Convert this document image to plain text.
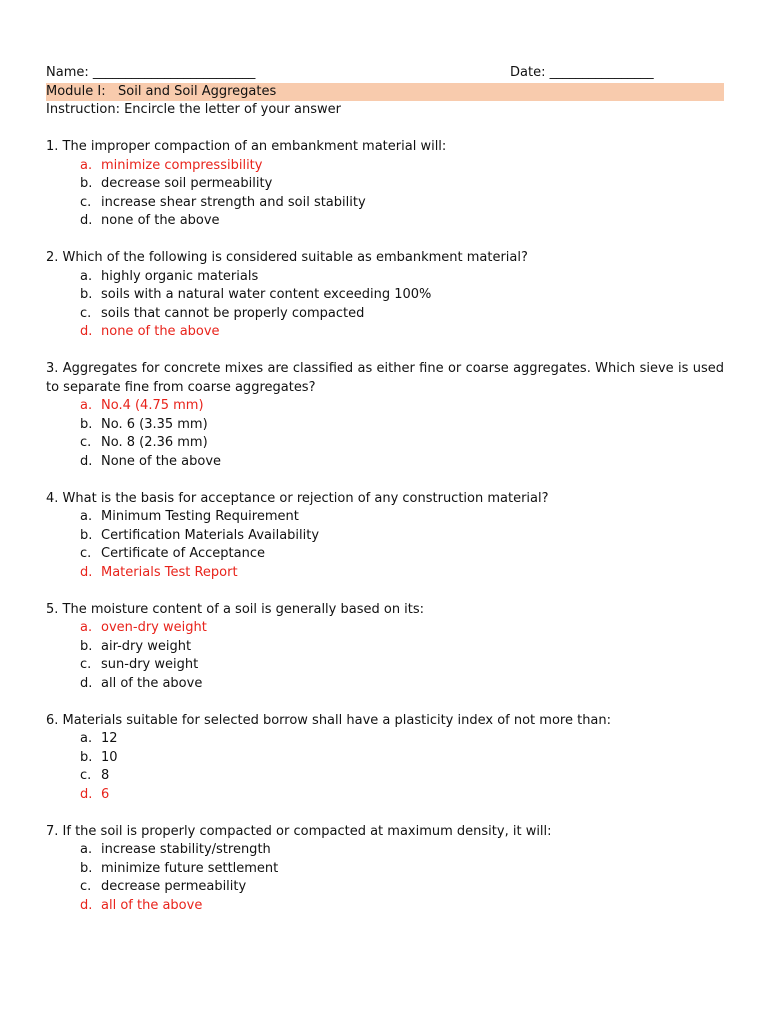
Name: _________________________	Date: ________________
Module I: Soil and Soil Aggregates
Instruction: Encircle the letter of your answer
1. The improper compaction of an embankment material will:
a. minimize compressibility
b. decrease soil permeability
c. increase shear strength and soil stability
d. none of the above
2. Which of the following is considered suitable as embankment material?
a. highly organic materials
b. soils with a natural water content exceeding 100%
c. soils that cannot be properly compacted
d. none of the above
3. Aggregates for concrete mixes are classified as either fine or coarse aggregates. Which sieve is used to separate fine from coarse aggregates?
a. No.4 (4.75 mm)
b. No. 6 (3.35 mm)
c. No. 8 (2.36 mm)
d. None of the above
4. What is the basis for acceptance or rejection of any construction material?
a. Minimum Testing Requirement
b. Certification Materials Availability
c. Certificate of Acceptance
d. Materials Test Report
5. The moisture content of a soil is generally based on its:
a. oven-dry weight
b. air-dry weight
c. sun-dry weight
d. all of the above
6. Materials suitable for selected borrow shall have a plasticity index of not more than:
a. 12
b. 10
c. 8
d. 6
7. If the soil is properly compacted or compacted at maximum density, it will:
a. increase stability/strength
b. minimize future settlement
c. decrease permeability
d. all of the above
